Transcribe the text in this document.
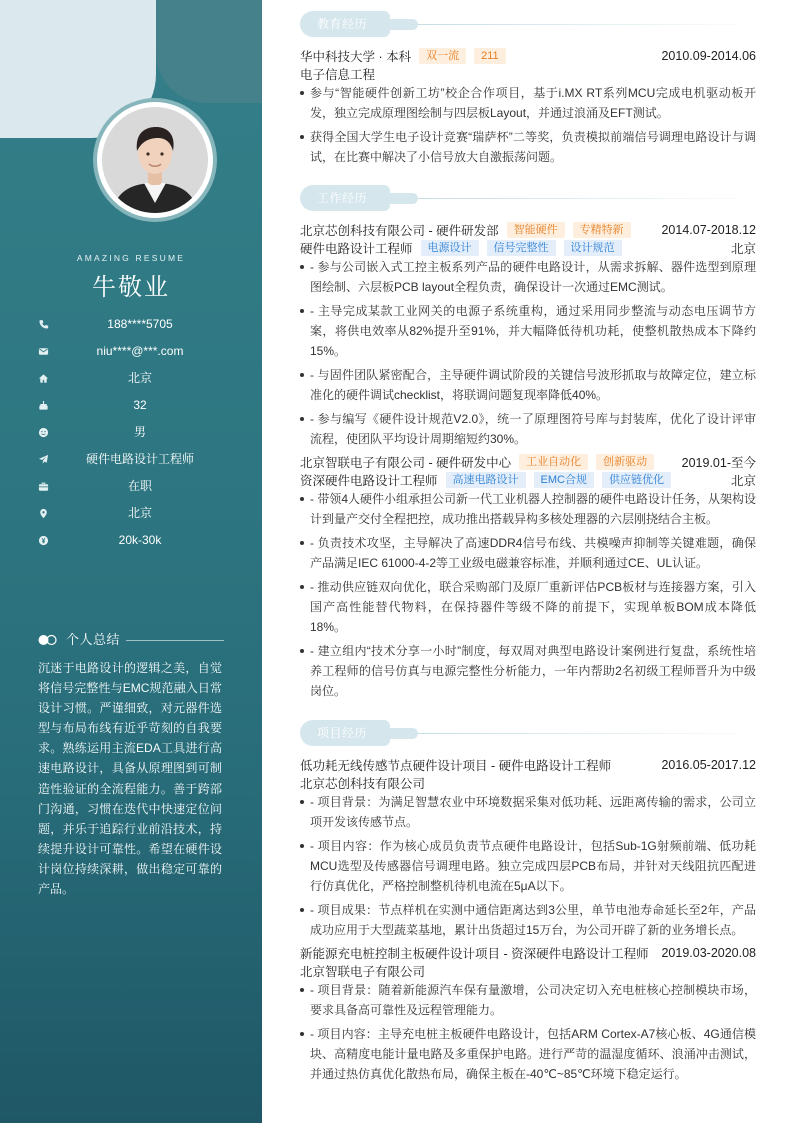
AMAZING RESUME
牛敬业
188****5705
niu****@***.com
北京
32
男
硬件电路设计工程师
在职
北京
20k-30k
个人总结

沉迷于电路设计的逻辑之美，自觉将信号完整性与EMC规范融入日常设计习惯。严谨细致，对元器件选型与布局布线有近乎苛刻的自我要求。熟练运用主流EDA工具进行高速电路设计，具备从原理图到可制造性验证的全流程能力。善于跨部门沟通，习惯在迭代中快速定位问题，并乐于追踪行业前沿技术，持续提升设计可靠性。希望在硬件设计岗位持续深耕，做出稳定可靠的产品。

教育经历
华中科技大学 · 本科	双一流	211	2010.09-2014.06
电子信息工程
参与“智能硬件创新工坊”校企合作项目，基于i.MX RT系列MCU完成电机驱动板开发，独立完成原理图绘制与四层板Layout，并通过浪涌及EFT测试。
获得全国大学生电子设计竞赛“瑞萨杯”二等奖，负责模拟前端信号调理电路设计与调试，在比赛中解决了小信号放大自激振荡问题。
工作经历
北京芯创科技有限公司 - 硬件研发部	智能硬件	专精特新	2014.07-2018.12
硬件电路设计工程师	电源设计	信号完整性	设计规范	北京
- 参与公司嵌入式工控主板系列产品的硬件电路设计，从需求拆解、器件选型到原理图绘制、六层板PCB layout全程负责，确保设计一次通过EMC测试。
- 主导完成某款工业网关的电源子系统重构，通过采用同步整流与动态电压调节方案，将供电效率从82%提升至91%，并大幅降低待机功耗，使整机散热成本下降约15%。
- 与固件团队紧密配合，主导硬件调试阶段的关键信号波形抓取与故障定位，建立标准化的硬件调试checklist，将联调问题复现率降低40%。
- 参与编写《硬件设计规范V2.0》，统一了原理图符号库与封装库，优化了设计评审流程，使团队平均设计周期缩短约30%。
北京智联电子有限公司 - 硬件研发中心	工业自动化	创新驱动	2019.01-至今
资深硬件电路设计工程师	高速电路设计	EMC合规	供应链优化	北京
- 带领4人硬件小组承担公司新一代工业机器人控制器的硬件电路设计任务，从架构设计到量产交付全程把控，成功推出搭载异构多核处理器的六层刚挠结合主板。
- 负责技术攻坚，主导解决了高速DDR4信号布线、共模噪声抑制等关键难题，确保产品满足IEC 61000-4-2等工业级电磁兼容标准，并顺利通过CE、UL认证。
- 推动供应链双向优化，联合采购部门及原厂重新评估PCB板材与连接器方案，引入国产高性能替代物料，在保持器件等级不降的前提下，实现单板BOM成本降低18%。
- 建立组内“技术分享一小时”制度，每双周对典型电路设计案例进行复盘，系统性培养工程师的信号仿真与电源完整性分析能力，一年内帮助2名初级工程师晋升为中级岗位。
项目经历
低功耗无线传感节点硬件设计项目 - 硬件电路设计工程师	2016.05-2017.12
北京芯创科技有限公司
- 项目背景：为满足智慧农业中环境数据采集对低功耗、远距离传输的需求，公司立项开发该传感节点。
- 项目内容：作为核心成员负责节点硬件电路设计，包括Sub-1G射频前端、低功耗MCU选型及传感器信号调理电路。独立完成四层PCB布局，并针对天线阻抗匹配进行仿真优化，严格控制整机待机电流在5μA以下。
- 项目成果：节点样机在实测中通信距离达到3公里，单节电池寿命延长至2年，产品成功应用于大型蔬菜基地，累计出货超过15万台，为公司开辟了新的业务增长点。
新能源充电桩控制主板硬件设计项目 - 资深硬件电路设计工程师	2019.03-2020.08
北京智联电子有限公司
- 项目背景：随着新能源汽车保有量激增，公司决定切入充电桩核心控制模块市场，要求具备高可靠性及远程管理能力。
- 项目内容：主导充电桩主板硬件电路设计，包括ARM Cortex-A7核心板、4G通信模块、高精度电能计量电路及多重保护电路。进行严苛的温湿度循环、浪涌冲击测试，并通过热仿真优化散热布局，确保主板在-40℃~85℃环境下稳定运行。
